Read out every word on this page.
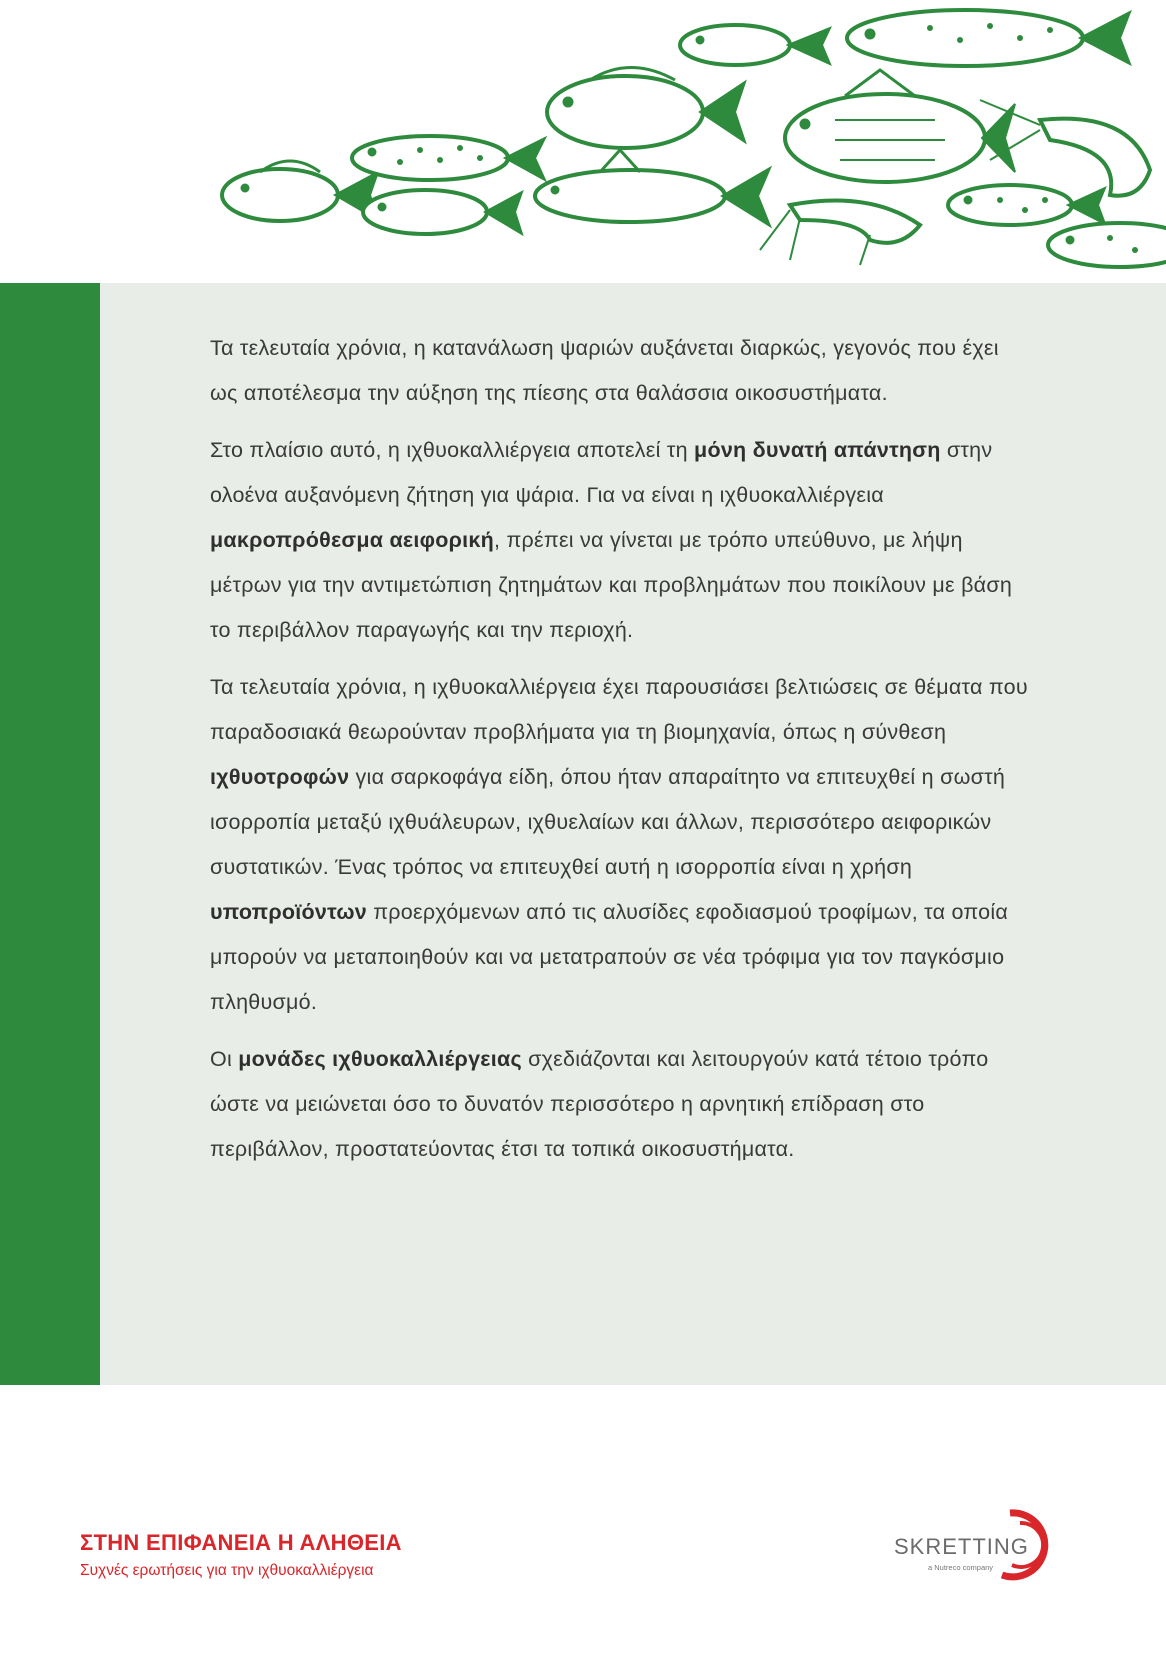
Τα τελευταία χρόνια, η κατανάλωση ψαριών αυξάνεται διαρκώς, γεγονός που έχει ως αποτέλεσμα την αύξηση της πίεσης στα θαλάσσια οικοσυστήματα.

Στο πλαίσιο αυτό, η ιχθυοκαλλιέργεια αποτελεί τη μόνη δυνατή απάντηση στην ολοένα αυξανόμενη ζήτηση για ψάρια. Για να είναι η ιχθυοκαλλιέργεια μακροπρόθεσμα αειφορική, πρέπει να γίνεται με τρόπο υπεύθυνο, με λήψη μέτρων για την αντιμετώπιση ζητημάτων και προβλημάτων που ποικίλουν με βάση το περιβάλλον παραγωγής και την περιοχή.

Τα τελευταία χρόνια, η ιχθυοκαλλιέργεια έχει παρουσιάσει βελτιώσεις σε θέματα που παραδοσιακά θεωρούνταν προβλήματα για τη βιομηχανία, όπως η σύνθεση ιχθυοτροφών για σαρκοφάγα είδη, όπου ήταν απαραίτητο να επιτευχθεί η σωστή ισορροπία μεταξύ ιχθυάλευρων, ιχθυελαίων και άλλων, περισσότερο αειφορικών συστατικών. Ένας τρόπος να επιτευχθεί αυτή η ισορροπία είναι η χρήση υποπροϊόντων προερχόμενων από τις αλυσίδες εφοδιασμού τροφίμων, τα οποία μπορούν να μεταποιηθούν και να μετατραπούν σε νέα τρόφιμα για τον παγκόσμιο πληθυσμό.

Οι μονάδες ιχθυοκαλλιέργειας σχεδιάζονται και λειτουργούν κατά τέτοιο τρόπο ώστε να μειώνεται όσο το δυνατόν περισσότερο η αρνητική επίδραση στο περιβάλλον, προστατεύοντας έτσι τα τοπικά οικοσυστήματα.

ΣΤΗΝ ΕΠΙΦΑΝΕΙΑ Η ΑΛΗΘΕΙΑ
Συχνές ερωτήσεις για την ιχθυοκαλλιέργεια
SKRETTING
a Nutreco company
